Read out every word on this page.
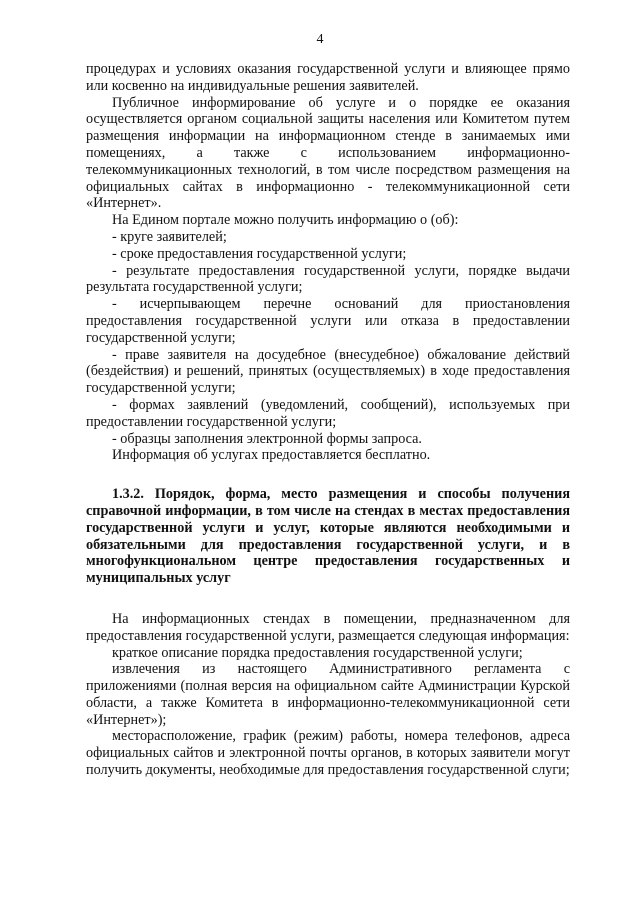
4

процедурах и условиях оказания государственной услуги и влияющее прямо или косвенно на индивидуальные решения заявителей.

Публичное информирование об услуге и о порядке ее оказания осуществляется органом социальной защиты населения или Комитетом путем размещения информации на информационном стенде в занимаемых ими помещениях, а также с использованием информационно-телекоммуникационных технологий, в том числе посредством размещения на официальных сайтах в информационно - телекоммуникационной сети «Интернет».

На Едином портале можно получить информацию о (об):

- круге заявителей;

- сроке предоставления государственной услуги;

- результате предоставления государственной услуги, порядке выдачи результата государственной услуги;

- исчерпывающем перечне оснований для приостановления предоставления государственной услуги или отказа в предоставлении государственной услуги;

- праве заявителя на досудебное (внесудебное) обжалование действий (бездействия) и решений, принятых (осуществляемых) в ходе предоставления государственной услуги;

- формах заявлений (уведомлений, сообщений), используемых при предоставлении государственной услуги;

- образцы заполнения электронной формы запроса.

Информация об услугах предоставляется бесплатно.

1.3.2. Порядок, форма, место размещения и способы получения справочной информации, в том числе на стендах в местах предоставления государственной услуги и услуг, которые являются необходимыми и обязательными для предоставления государственной услуги, и в многофункциональном центре предоставления государственных и муниципальных услуг

На информационных стендах в помещении, предназначенном для предоставления государственной услуги, размещается следующая информация:

краткое описание порядка предоставления государственной услуги;

извлечения из настоящего Административного регламента с приложениями (полная версия на официальном сайте Администрации Курской области, а также Комитета в информационно-телекоммуникационной сети «Интернет»);

месторасположение, график (режим) работы, номера телефонов, адреса официальных сайтов и электронной почты органов, в которых заявители могут получить документы, необходимые для предоставления государственной слуги;
